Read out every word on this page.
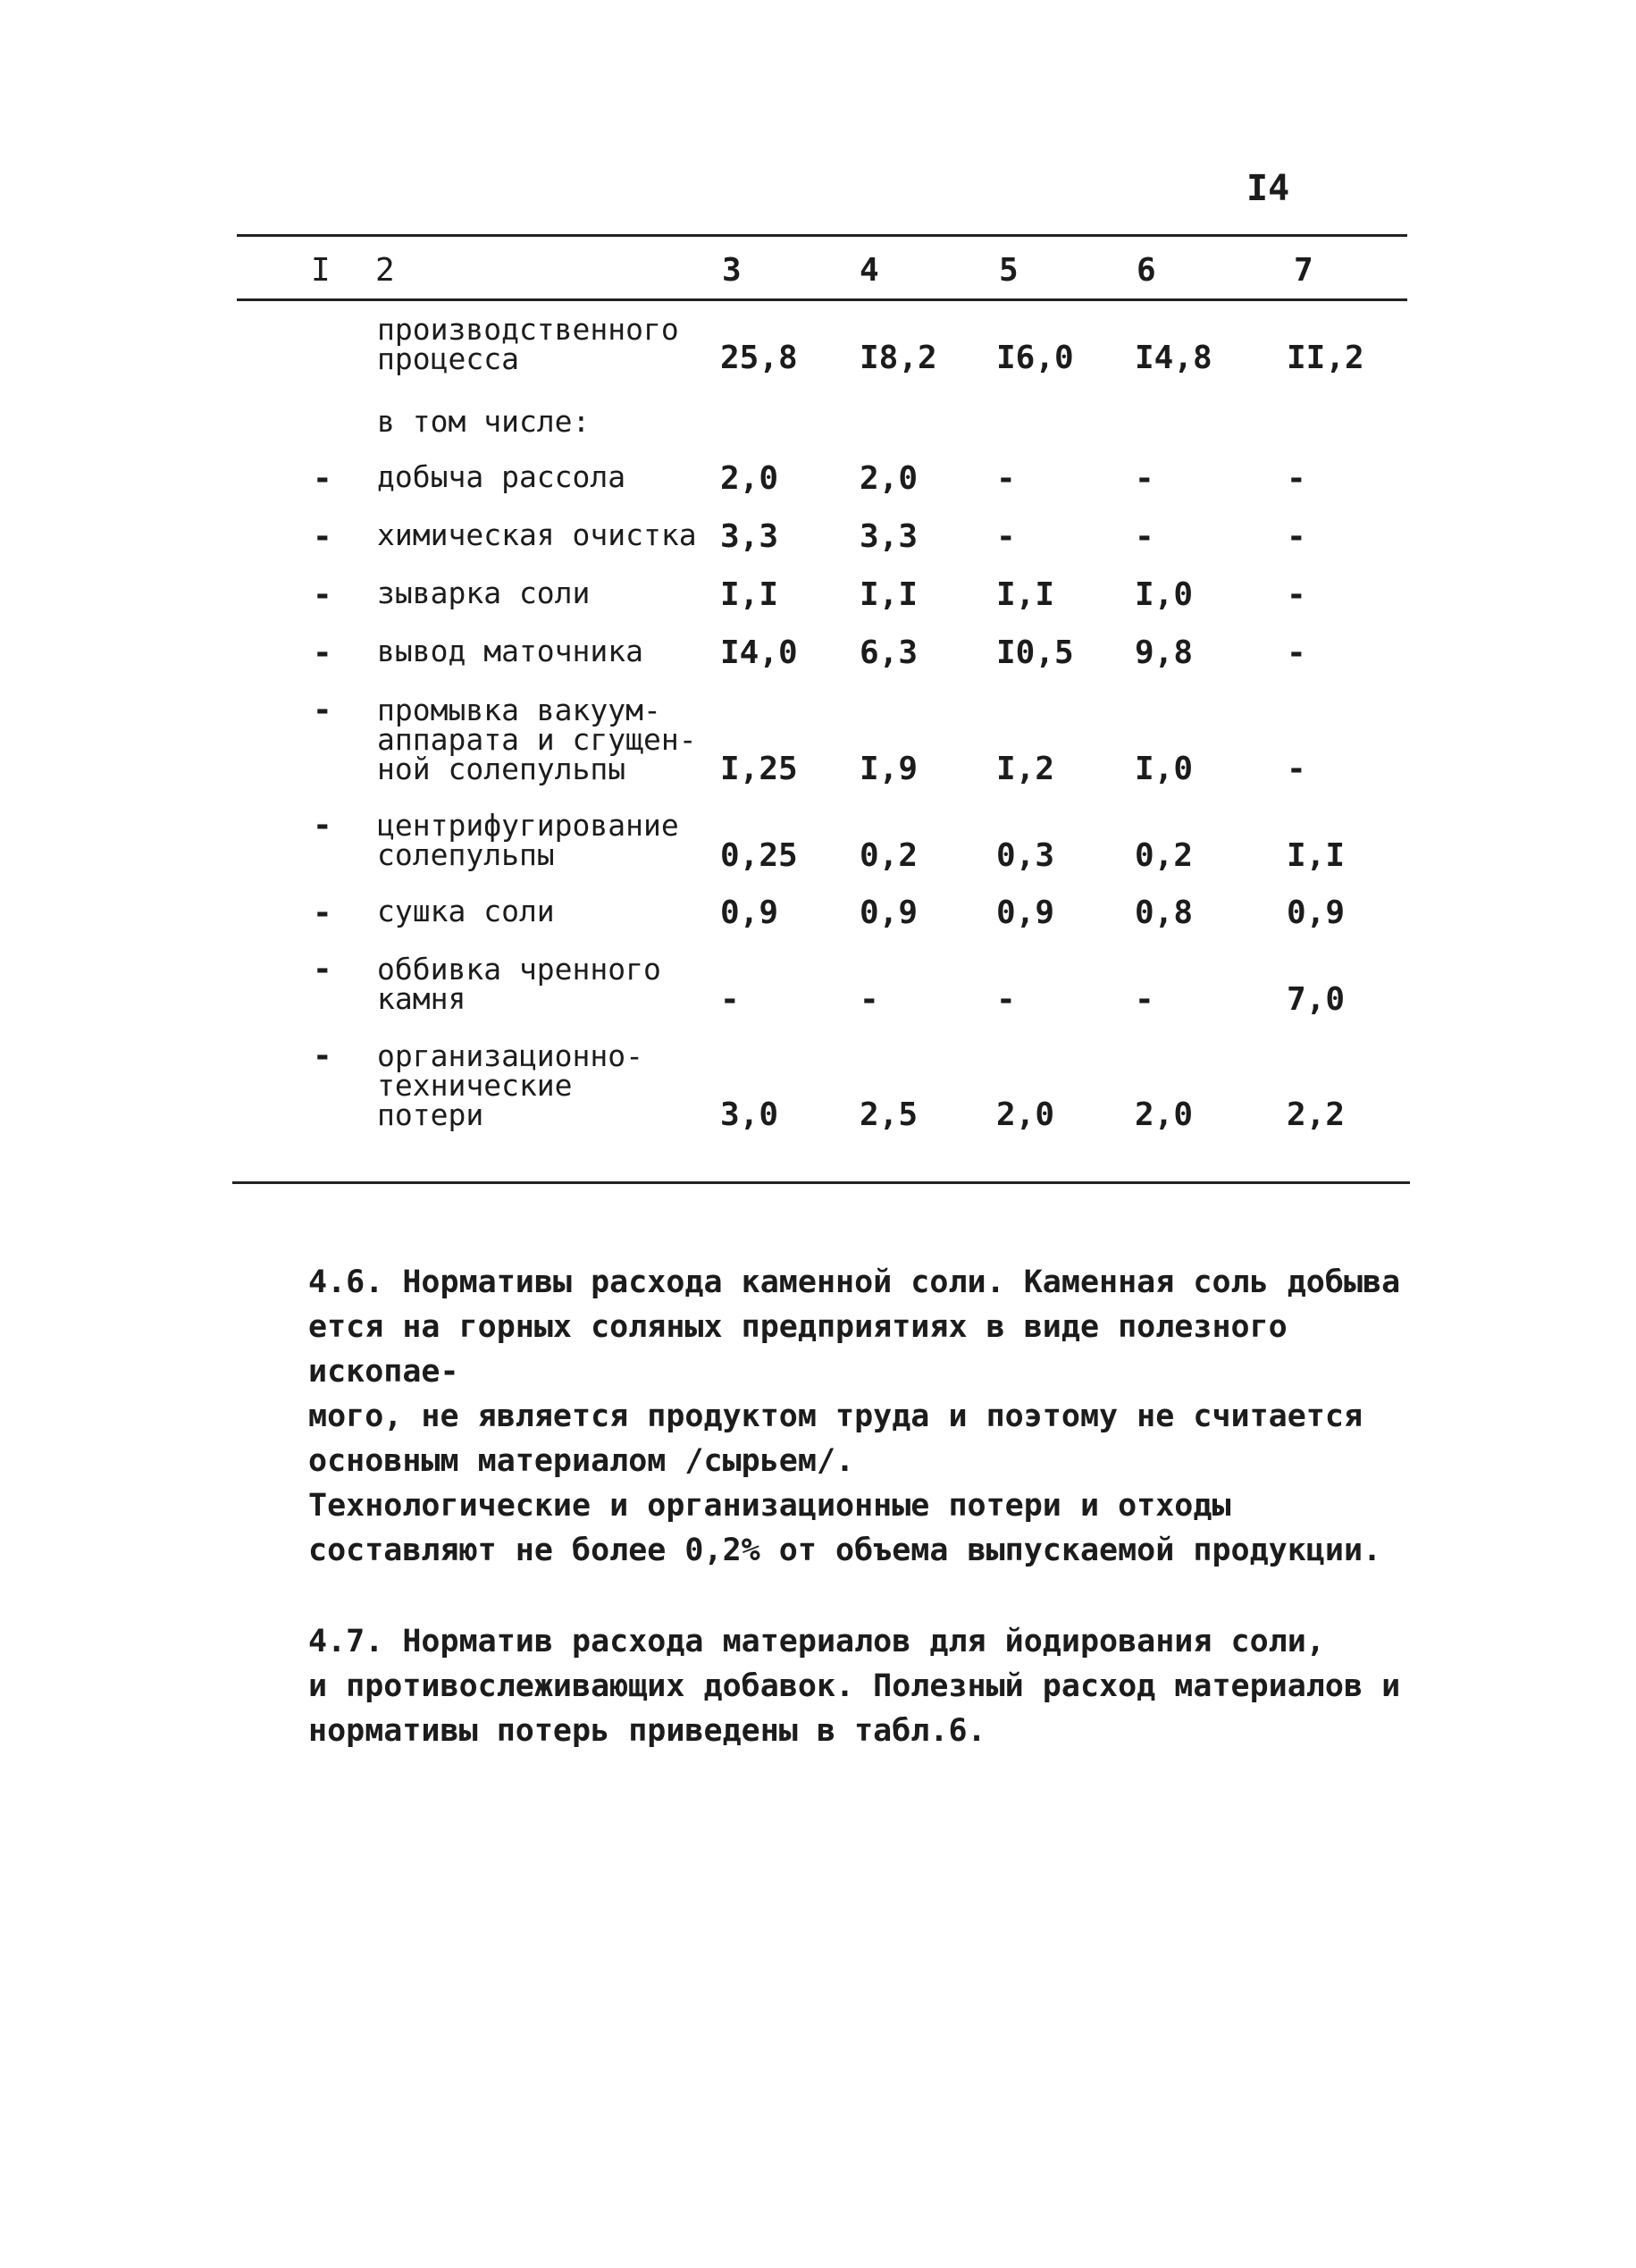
I4
I 2	3	4	5	6	7
производственного
процесса	25,8 I8,2 I6,0 I4,8 II,2
в том числе:
- добыча рассола	2,0	2,0 -	-	-
- химическая очистка 3,3	3,3 -	-	-
- зыварка соли	I,I	I,I I,I I,0	-
- вывод маточника	I4,0 6,3 I0,5 9,8	-
- промывка вакуум-
аппарата и сгущен-
ной солепульпы	I,25 I,9 I,2 I,0	-
- центрифугирование
солепульпы	0,25 0,2 0,3 0,2	I,I
- сушка соли	0,9	0,9 0,9 0,8	0,9
- оббивка чренного
камня	-	-	-	-	7,0
- организационно-
технические
потери	3,0	2,5 2,0 2,0	2,2
4.6. Нормативы расхода каменной соли. Каменная соль добыва
ется на горных соляных предприятиях в виде полезного ископае-
мого, не является продуктом труда и поэтому не считается
основным материалом /сырьем/.
Технологические и организационные потери и отходы
составляют не более 0,2% от объема выпускаемой продукции.
4.7. Норматив расхода материалов для йодирования соли,
и противослеживающих добавок. Полезный расход материалов и
нормативы потерь приведены в табл.6.
